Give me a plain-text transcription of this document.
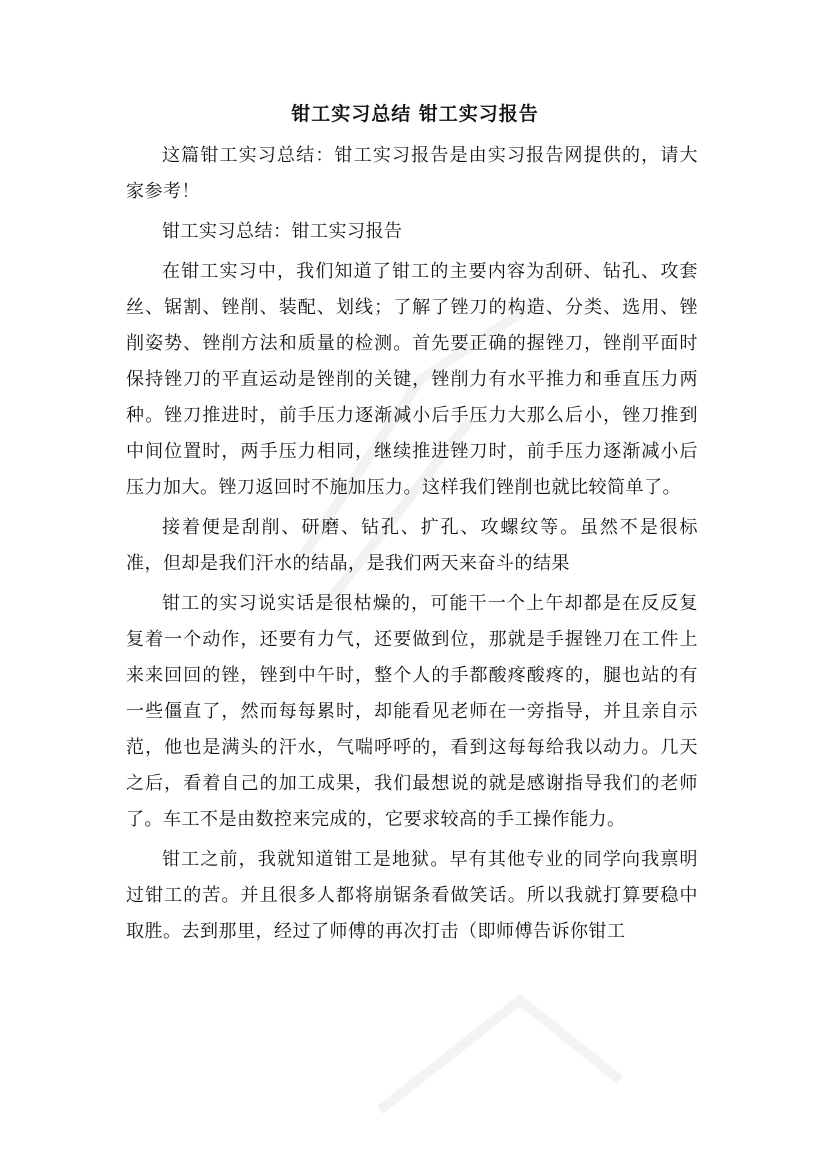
钳工实习总结 钳工实习报告

这篇钳工实习总结：钳工实习报告是由实习报告网提供的，请大家参考！

钳工实习总结：钳工实习报告

在钳工实习中，我们知道了钳工的主要内容为刮研、钻孔、攻套丝、锯割、锉削、装配、划线；了解了锉刀的构造、分类、选用、锉削姿势、锉削方法和质量的检测。首先要正确的握锉刀，锉削平面时保持锉刀的平直运动是锉削的关键，锉削力有水平推力和垂直压力两种。锉刀推进时，前手压力逐渐减小后手压力大那么后小，锉刀推到中间位置时，两手压力相同，继续推进锉刀时，前手压力逐渐减小后压力加大。锉刀返回时不施加压力。这样我们锉削也就比较简单了。

接着便是刮削、研磨、钻孔、扩孔、攻螺纹等。虽然不是很标准，但却是我们汗水的结晶，是我们两天来奋斗的结果

钳工的实习说实话是很枯燥的，可能干一个上午却都是在反反复复着一个动作，还要有力气，还要做到位，那就是手握锉刀在工件上来来回回的锉，锉到中午时，整个人的手都酸疼酸疼的，腿也站的有一些僵直了，然而每每累时，却能看见老师在一旁指导，并且亲自示范，他也是满头的汗水，气喘呼呼的，看到这每每给我以动力。几天之后，看着自己的加工成果，我们最想说的就是感谢指导我们的老师了。车工不是由数控来完成的，它要求较高的手工操作能力。

钳工之前，我就知道钳工是地狱。早有其他专业的同学向我禀明过钳工的苦。并且很多人都将崩锯条看做笑话。所以我就打算要稳中取胜。去到那里，经过了师傅的再次打击（即师傅告诉你钳工
